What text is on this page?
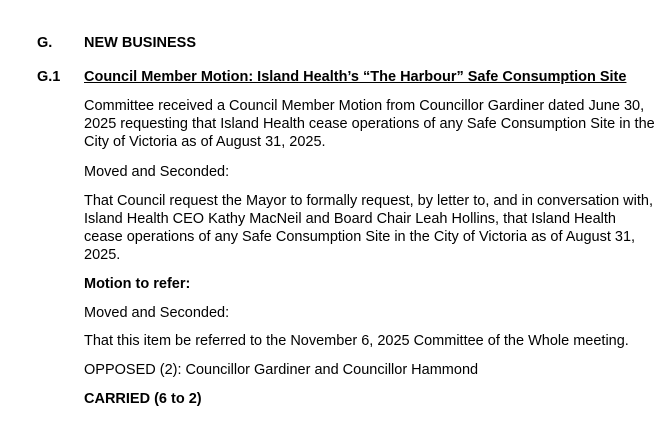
G. NEW BUSINESS
G.1 Council Member Motion: Island Health’s “The Harbour” Safe Consumption Site
Committee received a Council Member Motion from Councillor Gardiner dated June 30, 2025 requesting that Island Health cease operations of any Safe Consumption Site in the City of Victoria as of August 31, 2025.
Moved and Seconded:
That Council request the Mayor to formally request, by letter to, and in conversation with, Island Health CEO Kathy MacNeil and Board Chair Leah Hollins, that Island Health cease operations of any Safe Consumption Site in the City of Victoria as of August 31, 2025.
Motion to refer:
Moved and Seconded:
That this item be referred to the November 6, 2025 Committee of the Whole meeting.
OPPOSED (2): Councillor Gardiner and Councillor Hammond
CARRIED (6 to 2)
